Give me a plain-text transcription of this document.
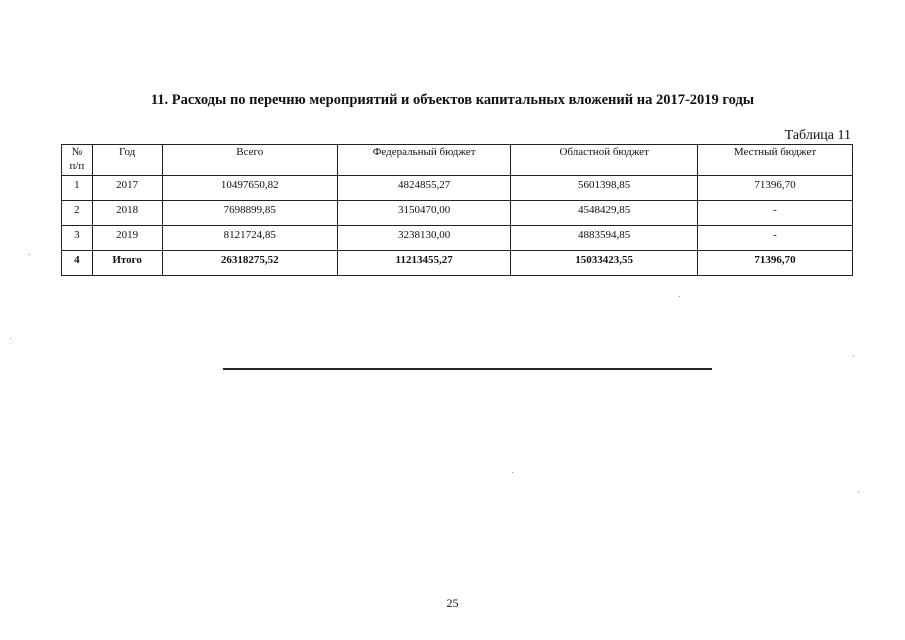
11. Расходы по перечню мероприятий и объектов капитальных вложений на 2017-2019 годы
Таблица 11
№ п/п	Год	Всего	Федеральный бюджет	Областной бюджет	Местный бюджет
1	2017	10497650,82	4824855,27	5601398,85	71396,70
2	2018	7698899,85	3150470,00	4548429,85	-
3	2019	8121724,85	3238130,00	4883594,85	-
4	Итого	26318275,52	11213455,27	15033423,55	71396,70
25
